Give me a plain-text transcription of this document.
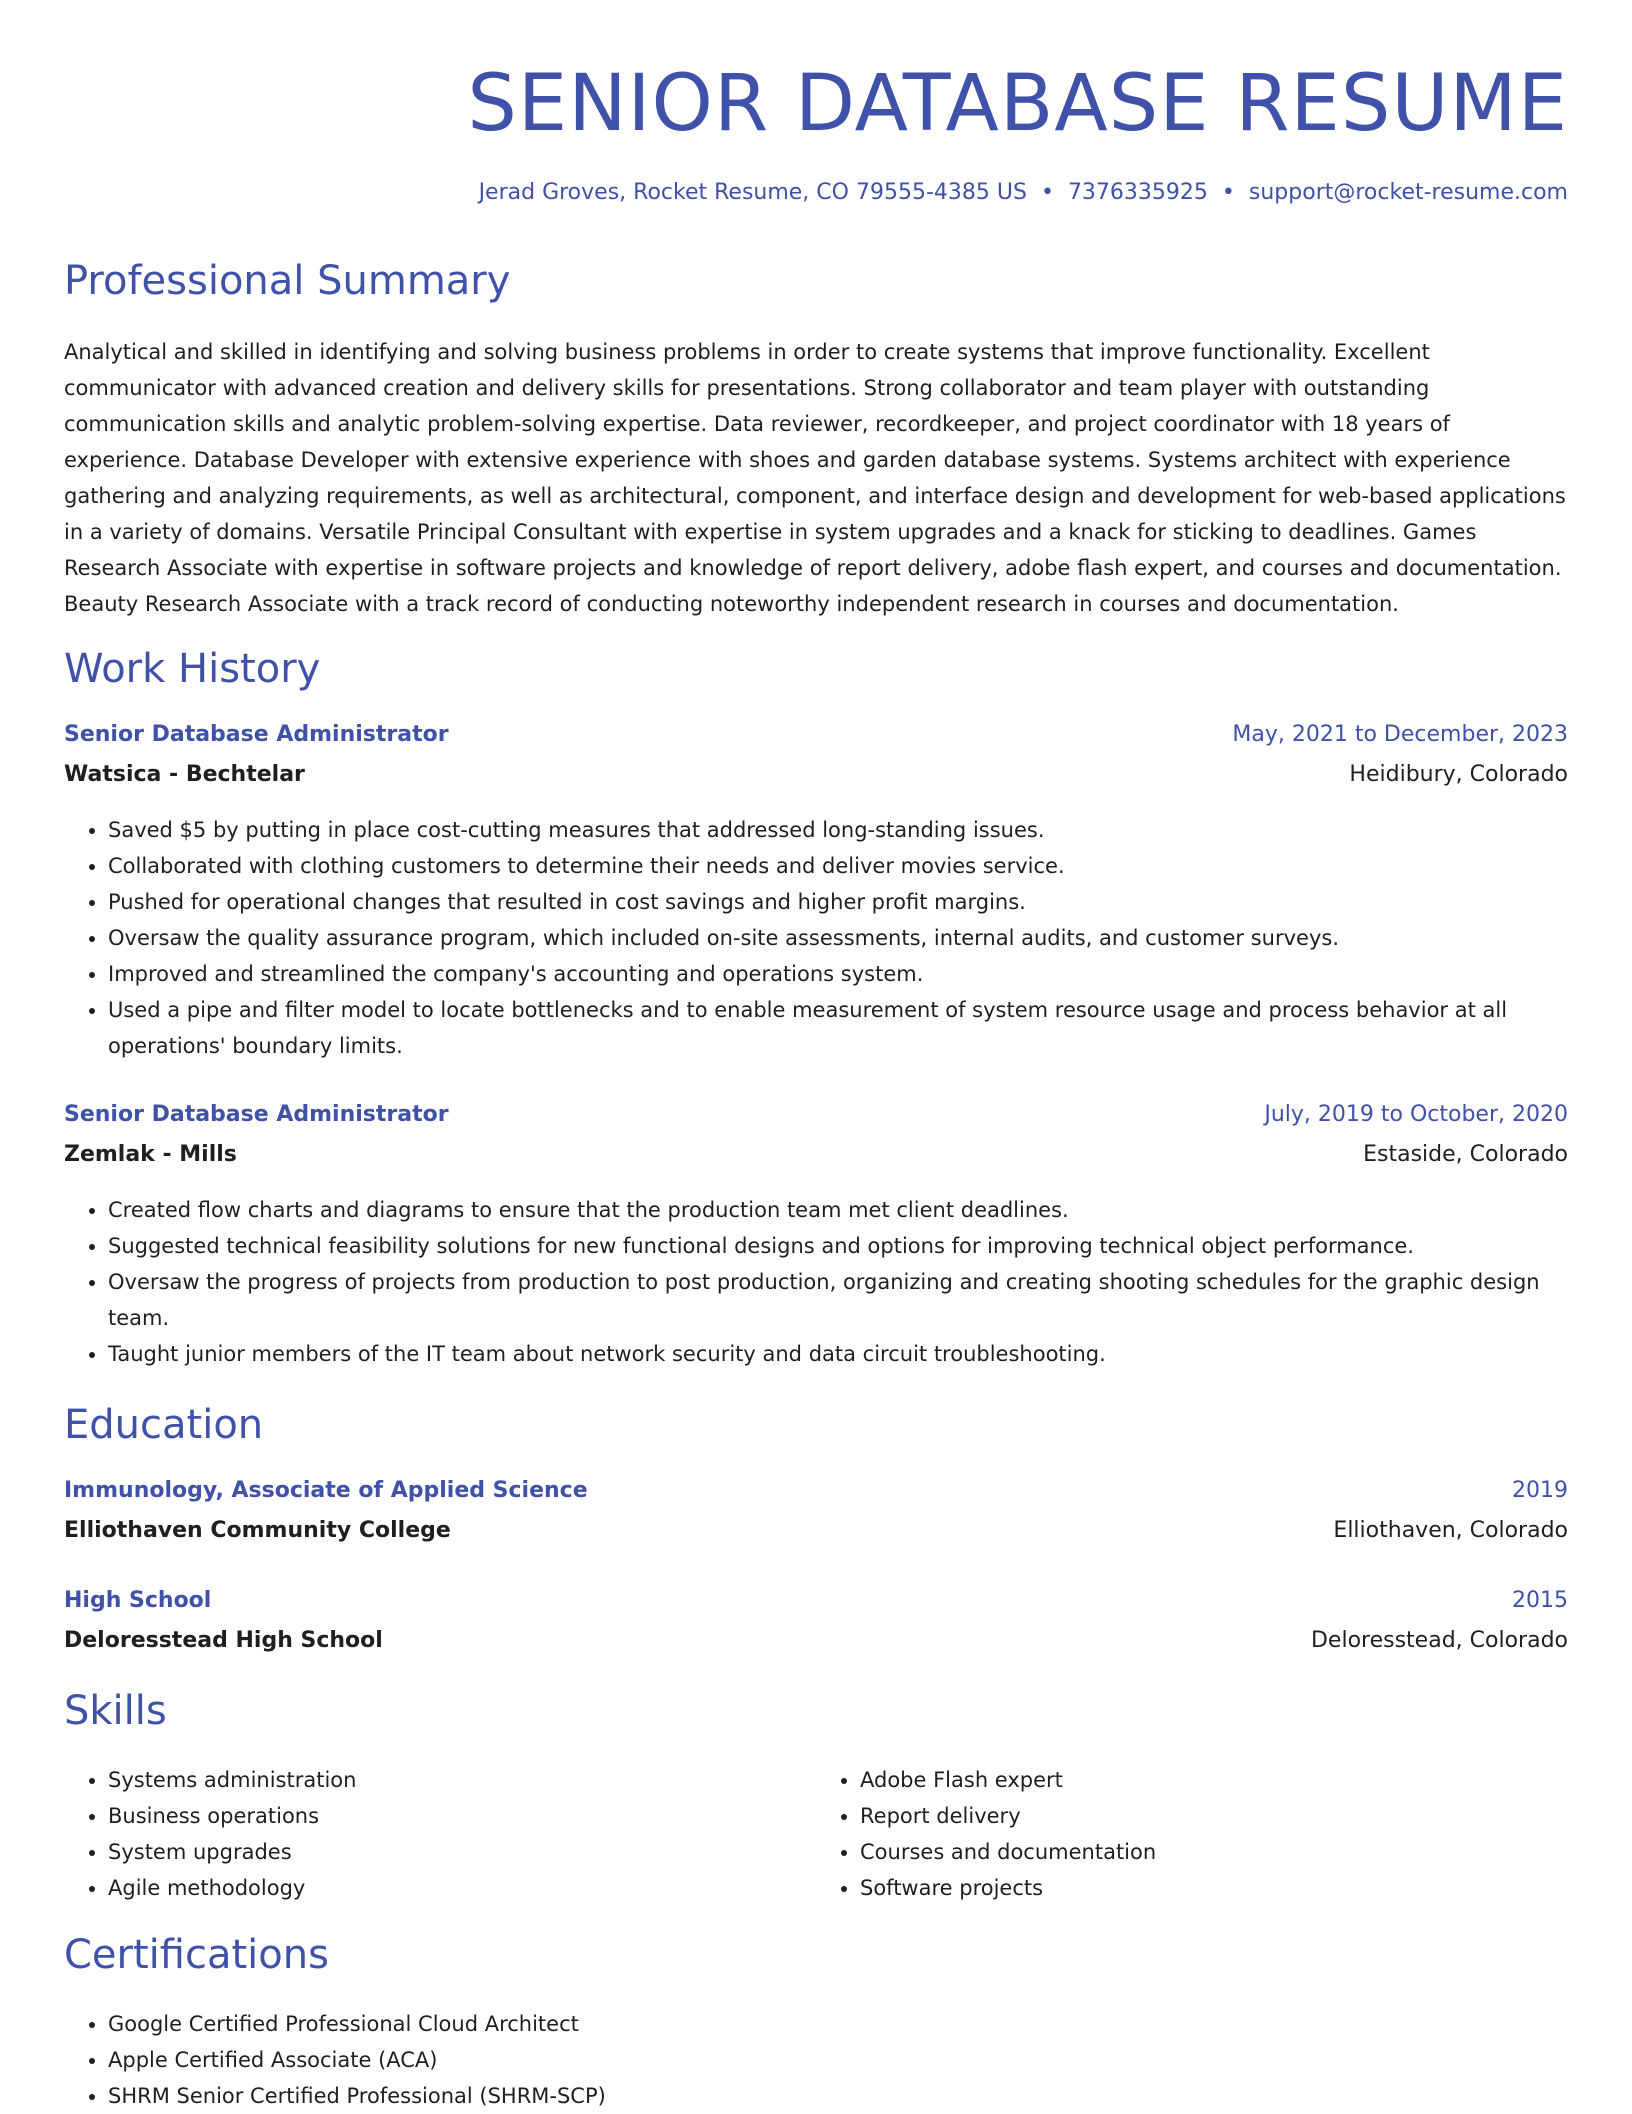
SENIOR DATABASE RESUME
Jerad Groves, Rocket Resume, CO 79555-4385 US • 7376335925 • support@rocket-resume.com
Professional Summary

Analytical and skilled in identifying and solving business problems in order to create systems that improve functionality. Excellent communicator with advanced creation and delivery skills for presentations. Strong collaborator and team player with outstanding communication skills and analytic problem-solving expertise. Data reviewer, recordkeeper, and project coordinator with 18 years of experience. Database Developer with extensive experience with shoes and garden database systems. Systems architect with experience gathering and analyzing requirements, as well as architectural, component, and interface design and development for web-based applications in a variety of domains. Versatile Principal Consultant with expertise in system upgrades and a knack for sticking to deadlines. Games Research Associate with expertise in software projects and knowledge of report delivery, adobe flash expert, and courses and documentation. Beauty Research Associate with a track record of conducting noteworthy independent research in courses and documentation.

Work History
Senior Database Administrator	May, 2021 to December, 2023
Watsica - Bechtelar	Heidibury, Colorado
• Saved $5 by putting in place cost-cutting measures that addressed long-standing issues.
• Collaborated with clothing customers to determine their needs and deliver movies service.
• Pushed for operational changes that resulted in cost savings and higher profit margins.
• Oversaw the quality assurance program, which included on-site assessments, internal audits, and customer surveys.
• Improved and streamlined the company's accounting and operations system.
• Used a pipe and filter model to locate bottlenecks and to enable measurement of system resource usage and process behavior at all operations' boundary limits.
Senior Database Administrator	July, 2019 to October, 2020
Zemlak - Mills	Estaside, Colorado
• Created flow charts and diagrams to ensure that the production team met client deadlines.
• Suggested technical feasibility solutions for new functional designs and options for improving technical object performance.
• Oversaw the progress of projects from production to post production, organizing and creating shooting schedules for the graphic design team.
• Taught junior members of the IT team about network security and data circuit troubleshooting.
Education
Immunology, Associate of Applied Science	2019
Elliothaven Community College	Elliothaven, Colorado
High School	2015
Deloresstead High School	Deloresstead, Colorado
Skills
• Systems administration
• Business operations
• System upgrades
• Agile methodology
• Adobe Flash expert
• Report delivery
• Courses and documentation
• Software projects
Certifications
• Google Certified Professional Cloud Architect
• Apple Certified Associate (ACA)
• SHRM Senior Certified Professional (SHRM-SCP)
